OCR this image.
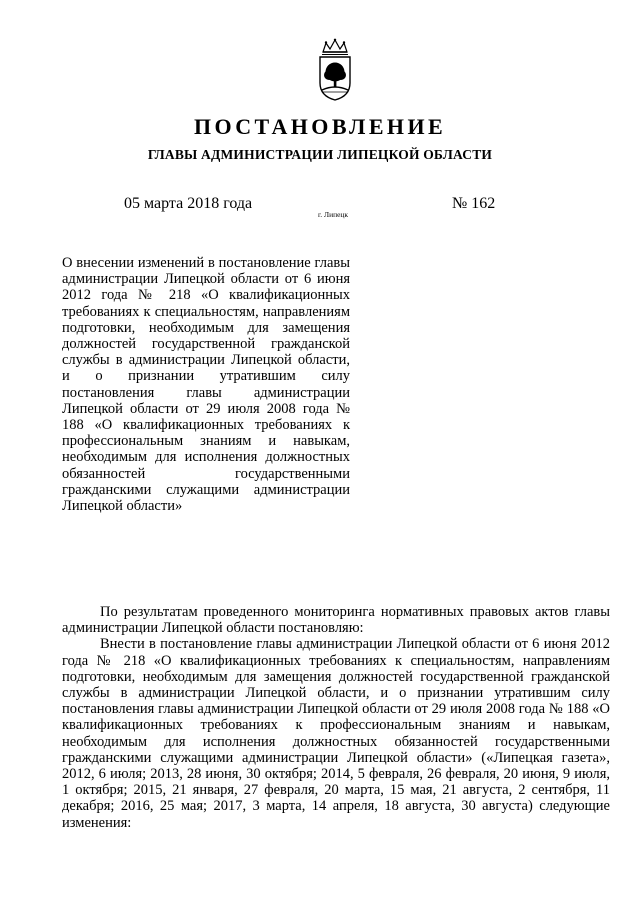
ПОСТАНОВЛЕНИЕ
ГЛАВЫ АДМИНИСТРАЦИИ ЛИПЕЦКОЙ ОБЛАСТИ
05 марта 2018 года
г. Липецк
№ 162

О внесении изменений в постановление главы администрации Липецкой области от 6 июня 2012 года № 218 «О квалификационных требованиях к специальностям, направлениям подготовки, необходимым для замещения должностей государственной гражданской службы в администрации Липецкой области, и о признании утратившим силу постановления главы администрации Липецкой области от 29 июля 2008 года № 188 «О квалификационных требованиях к профессиональным знаниям и навыкам, необходимым для исполнения должностных обязанностей государственными гражданскими служащими администрации Липецкой области»

По результатам проведенного мониторинга нормативных правовых актов главы администрации Липецкой области постановляю:

Внести в постановление главы администрации Липецкой области от 6 июня 2012 года № 218 «О квалификационных требованиях к специальностям, направлениям подготовки, необходимым для замещения должностей государственной гражданской службы в администрации Липецкой области, и о признании утратившим силу постановления главы администрации Липецкой области от 29 июля 2008 года № 188 «О квалификационных требованиях к профессиональным знаниям и навыкам, необходимым для исполнения должностных обязанностей государственными гражданскими служащими администрации Липецкой области» («Липецкая газета», 2012, 6 июля; 2013, 28 июня, 30 октября; 2014, 5 февраля, 26 февраля, 20 июня, 9 июля, 1 октября; 2015, 21 января, 27 февраля, 20 марта, 15 мая, 21 августа, 2 сентября, 11 декабря; 2016, 25 мая; 2017, 3 марта, 14 апреля, 18 августа, 30 августа) следующие изменения:
